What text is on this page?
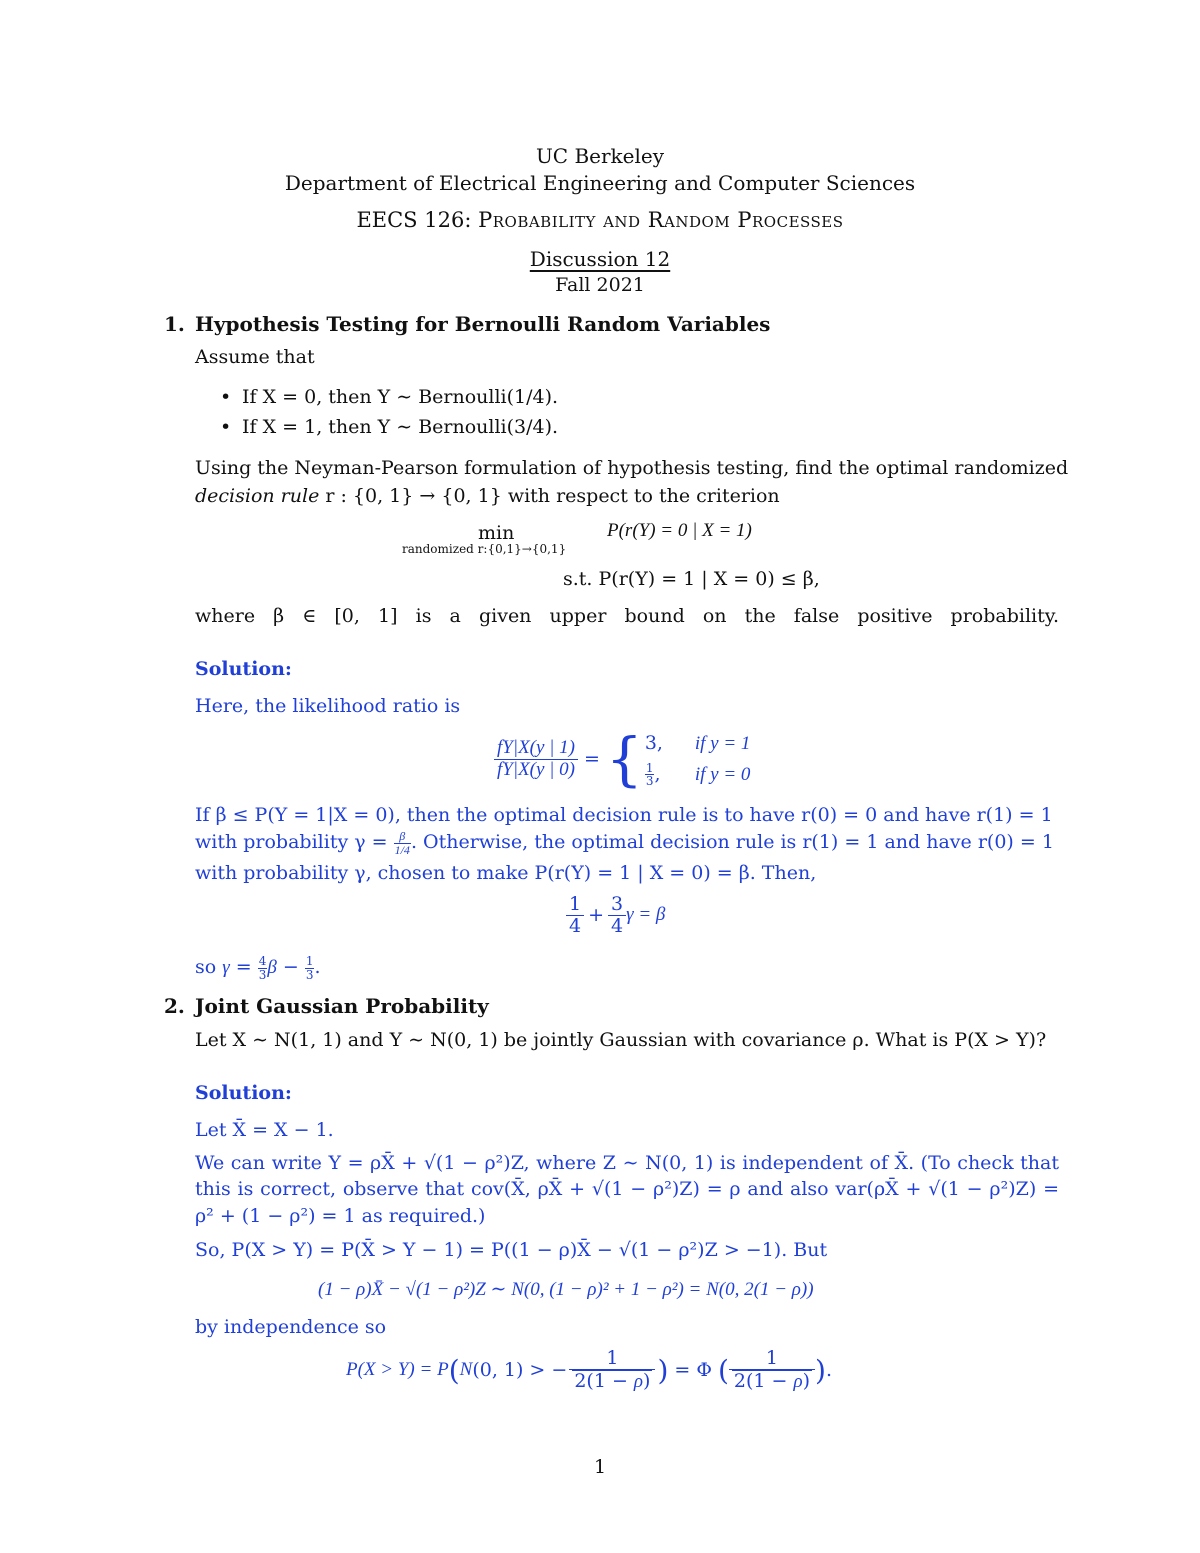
UC Berkeley
Department of Electrical Engineering and Computer Sciences
EECS 126: Probability and Random Processes
Discussion 12
Fall 2021
1. Hypothesis Testing for Bernoulli Random Variables
Assume that
• If X = 0, then Y ∼ Bernoulli(1/4).
• If X = 1, then Y ∼ Bernoulli(3/4).
Using the Neyman-Pearson formulation of hypothesis testing, find the optimal randomized
decision rule r : {0, 1} → {0, 1} with respect to the criterion
min
randomized r:{0,1}→{0,1}
P(r(Y) = 0 | X = 1)
s.t. P(r(Y) = 1 | X = 0) ≤ β,
where β ∈ [0, 1] is a given upper bound on the false positive probability.
Solution:
Here, the likelihood ratio is
$\frac{fY|X(y | 1)}{fY|X(y | 0)}$ = { 3, if y = 1
$\frac{1}{3}$ , if y = 0
If β ≤ P(Y = 1|X = 0), then the optimal decision rule is to have r(0) = 0 and have r(1) = 1
with probability $\gamma = \frac{\beta}{1/4}$ . Otherwise, the optimal decision rule is r(1) = 1 and have r(0) = 1
with probability γ, chosen to make P(r(Y) = 1 | X = 0) = β. Then,
$\frac{1}{4} + \frac{3}{4}$ γ = β
so $\gamma = \frac{4}{3}$ $\beta - \frac{1}{3}$ .
2. Joint Gaussian Probability
Let X ∼ N(1, 1) and Y ∼ N(0, 1) be jointly Gaussian with covariance ρ. What is P(X > Y)?
Solution:
Let X̄ = X − 1.
We can write Y = ρX̄ + √(1 − ρ²)Z, where Z ∼ N(0, 1) is independent of X̄. (To check that
this is correct, observe that cov(X̄, ρX̄ + √(1 − ρ²)Z) = ρ and also var(ρX̄ + √(1 − ρ²)Z) =
ρ² + (1 − ρ²) = 1 as required.)
So, P(X > Y) = P(X̄ > Y − 1) = P((1 − ρ)X̄ − √(1 − ρ²)Z > −1). But
(1 − ρ)X̄ − √(1 − ρ²)Z ∼ N(0, (1 − ρ)² + 1 − ρ²) = N(0, 2(1 − ρ))
by independence so
P(X > Y) = P ( N (0, 1) > − $\frac{1}{2(1 - \rho)}$ ) = Φ ( $\frac{1}{2(1 - \rho)}$ ) .
1
